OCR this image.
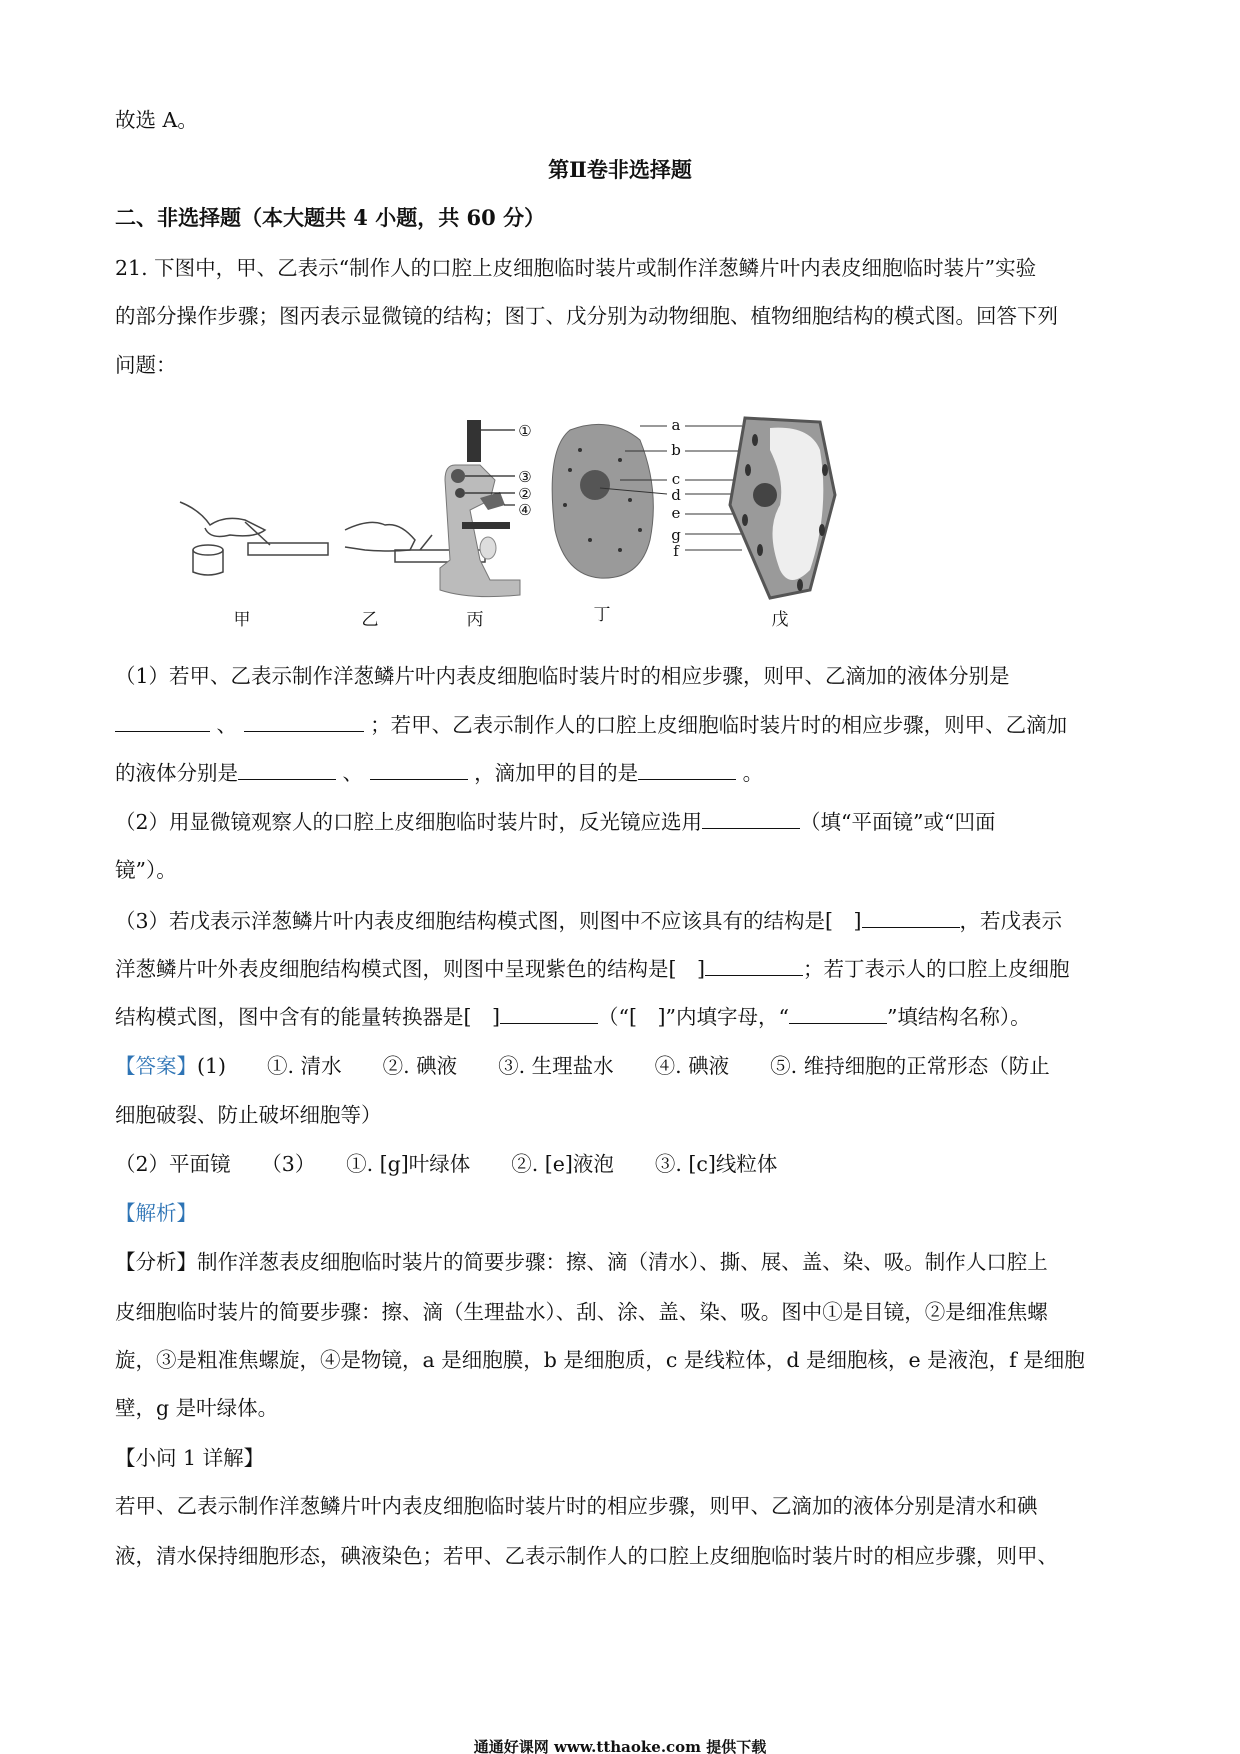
故选 A。
第Ⅱ卷非选择题
二、非选择题（本大题共 4 小题，共 60 分）
21. 下图中，甲、乙表示“制作人的口腔上皮细胞临时装片或制作洋葱鳞片叶内表皮细胞临时装片”实验
的部分操作步骤；图丙表示显微镜的结构；图丁、戊分别为动物细胞、植物细胞结构的模式图。回答下列
问题：
①
③
②
④
a
b
c
d
e
g
f
甲	乙	丙	丁	戊
（1）若甲、乙表示制作洋葱鳞片叶内表皮细胞临时装片时的相应步骤，则甲、乙滴加的液体分别是
、	；若甲、乙表示制作人的口腔上皮细胞临时装片时的相应步骤，则甲、乙滴加
的液体分别是	、	，滴加甲的目的是	。
（2）用显微镜观察人的口腔上皮细胞临时装片时，反光镜应选用	（填“平面镜”或“凹面
镜”）。
（3）若戊表示洋葱鳞片叶内表皮细胞结构模式图，则图中不应该具有的结构是[　]	，若戊表示
洋葱鳞片叶外表皮细胞结构模式图，则图中呈现紫色的结构是[　]	；若丁表示人的口腔上皮细胞
结构模式图，图中含有的能量转换器是[　]	（“[　]”内填字母，“	”填结构名称）。
【答案】(1)　　①. 清水　　②. 碘液　　③. 生理盐水　　④. 碘液　　⑤. 维持细胞的正常形态（防止
细胞破裂、防止破坏细胞等）
（2）平面镜　　（3）　　①. [g]叶绿体　　②. [e]液泡　　③. [c]线粒体
【解析】
【分析】制作洋葱表皮细胞临时装片的简要步骤：擦、滴（清水）、撕、展、盖、染、吸。制作人口腔上
皮细胞临时装片的简要步骤：擦、滴（生理盐水）、刮、涂、盖、染、吸。图中①是目镜，②是细准焦螺
旋，③是粗准焦螺旋，④是物镜，a 是细胞膜，b 是细胞质，c 是线粒体，d 是细胞核，e 是液泡，f 是细胞
壁，g 是叶绿体。
【小问 1 详解】
若甲、乙表示制作洋葱鳞片叶内表皮细胞临时装片时的相应步骤，则甲、乙滴加的液体分别是清水和碘
液，清水保持细胞形态，碘液染色；若甲、乙表示制作人的口腔上皮细胞临时装片时的相应步骤，则甲、
通通好课网 www.tthaoke.com 提供下载
